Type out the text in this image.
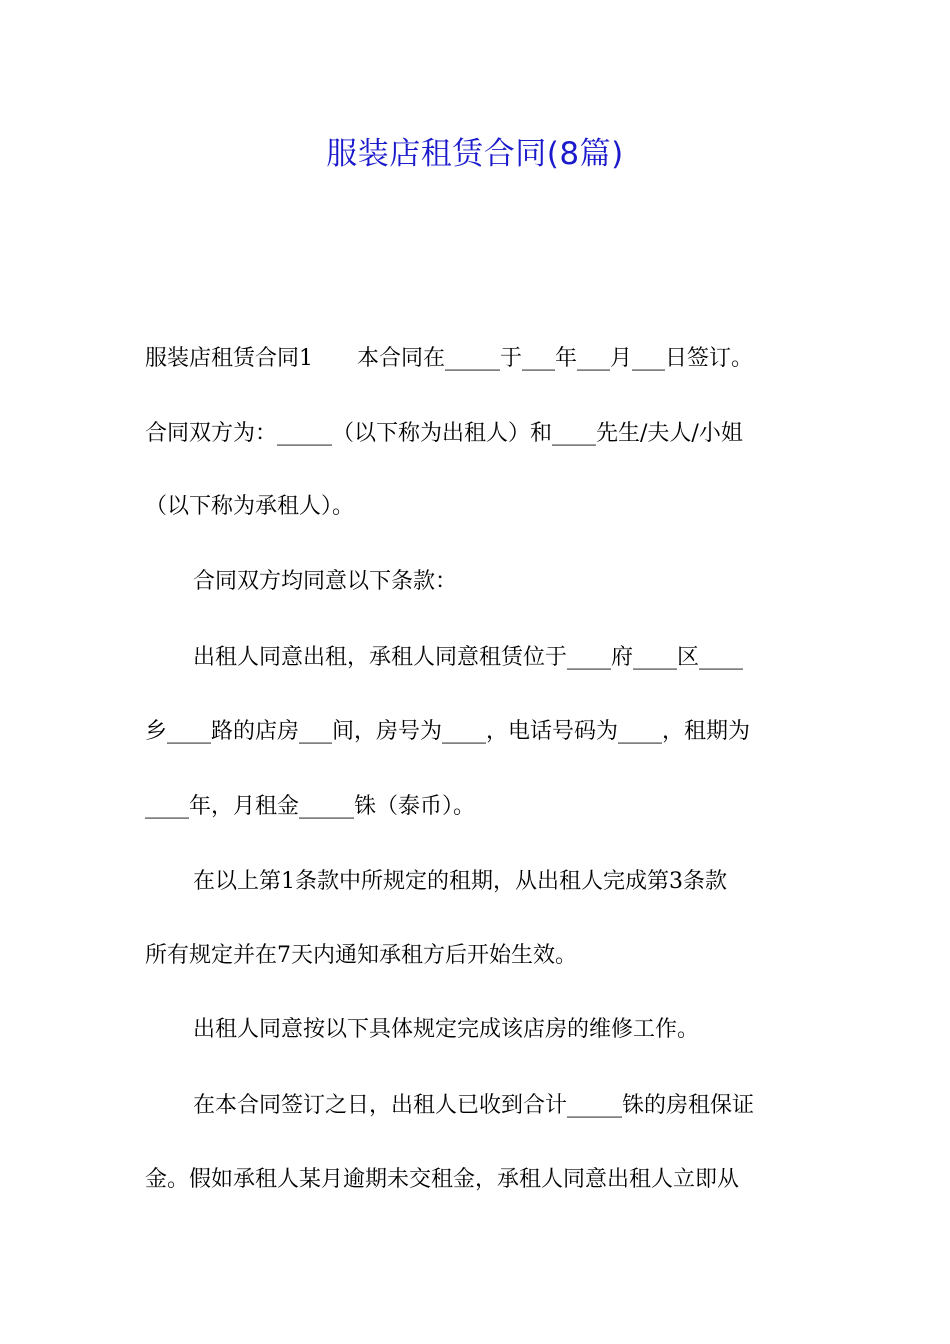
服装店租赁合同(8篇)

服装店租赁合同1　　本合同在_____于___年___月___日签订。

合同双方为：_____（以下称为出租人）和____先生/夫人/小姐

（以下称为承租人）。

合同双方均同意以下条款：

出租人同意出租，承租人同意租赁位于____府____区____

乡____路的店房___间，房号为____，电话号码为____，租期为

____年，月租金_____铢（泰币）。

在以上第1条款中所规定的租期，从出租人完成第3条款

所有规定并在7天内通知承租方后开始生效。

出租人同意按以下具体规定完成该店房的维修工作。

在本合同签订之日，出租人已收到合计_____铢的房租保证

金。假如承租人某月逾期未交租金，承租人同意出租人立即从
